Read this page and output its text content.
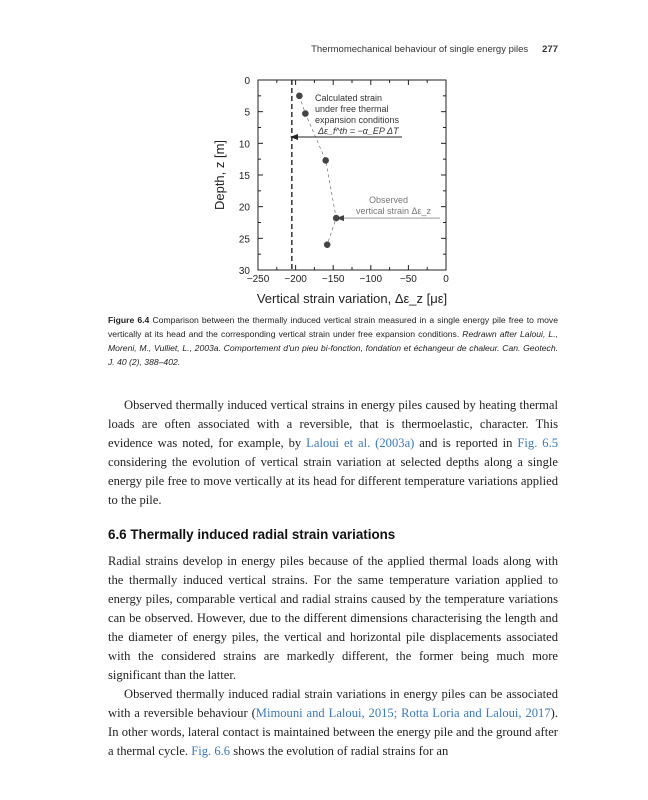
Thermomechanical behaviour of single energy piles 277
−250 −200 −150 −100 −50	0
0
5
10
15
20
25
30
Depth, z [m]
Vertical strain variation, Δε_z [με]
Calculated strain
under free thermal
expansion conditions
Δε_f^th = −α_EP ΔT
Observed
vertical strain Δε_z
Figure 6.4 Comparison between the thermally induced vertical strain measured in a single energy pile free to move vertically at its head and the corresponding vertical strain under free expansion conditions. Redrawn after Laloui, L., Moreni, M., Vulliet, L., 2003a. Comportement d'un pieu bi-fonction, fondation et échangeur de chaleur. Can. Geotech. J. 40 (2), 388–402.

Observed thermally induced vertical strains in energy piles caused by heating thermal loads are often associated with a reversible, that is thermoelastic, character. This evidence was noted, for example, by Laloui et al. (2003a) and is reported in Fig. 6.5 considering the evolution of vertical strain variation at selected depths along a single energy pile free to move vertically at its head for different temperature variations applied to the pile.

6.6 Thermally induced radial strain variations

Radial strains develop in energy piles because of the applied thermal loads along with the thermally induced vertical strains. For the same temperature variation applied to energy piles, comparable vertical and radial strains caused by the temperature variations can be observed. However, due to the different dimensions characterising the length and the diameter of energy piles, the vertical and horizontal pile displacements associated with the considered strains are markedly different, the former being much more significant than the latter.

Observed thermally induced radial strain variations in energy piles can be associated with a reversible behaviour (Mimouni and Laloui, 2015; Rotta Loria and Laloui, 2017). In other words, lateral contact is maintained between the energy pile and the ground after a thermal cycle. Fig. 6.6 shows the evolution of radial strains for an
